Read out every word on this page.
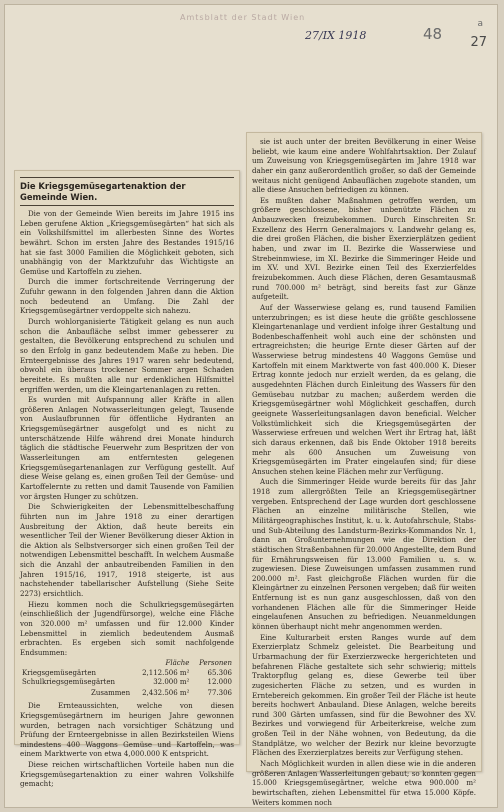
Amtsblatt der Stadt Wien
27/IX 1918	48
a
27
Die Kriegsgemüsegartenaktion der Gemeinde Wien.

Die von der Gemeinde Wien bereits im Jahre 1915 ins Leben gerufene Aktion „Kriegsgemüsegärten“ hat sich als ein Volkshilfsmittel im allerbesten Sinne des Wortes bewährt. Schon im ersten Jahre des Bestandes 1915/16 hat sie fast 3000 Familien die Möglichkeit geboten, sich unabhängig von der Marktzufuhr das Wichtigste an Gemüse und Kartoffeln zu ziehen.

Durch die immer fortschreitende Verringerung der Zufuhr gewann in den folgenden Jahren dann die Aktion noch bedeutend an Umfang. Die Zahl der Kriegsgemüsegärtner verdoppelte sich nahezu.

Durch wohlorganisierte Tätigkeit gelang es nun auch schon die Anbaufläche selbst immer gebesserer zu gestalten, die Bevölkerung entsprechend zu schulen und so den Erfolg in ganz bedeutendem Maße zu heben. Die Ernteergebnisse des Jahres 1917 waren sehr bedeutend, obwohl ein überaus trockener Sommer argen Schaden bereitete. Es mußten alle nur erdenklichen Hilfsmittel ergriffen werden, um die Kleingartenanlagen zu retten.

Es wurden mit Aufspannung aller Kräfte in allen größeren Anlagen Notwasserleitungen gelegt, Tausende von Auslaufbrunnen für öffentliche Hydranten an Kriegsgemüsegärtner ausgefolgt und es nicht zu unterschätzende Hilfe während drei Monate hindurch täglich die städtische Feuerwehr zum Bespritzen der von Wasserleitungen am entferntesten gelegenen Kriegsgemüsegartenanlagen zur Verfügung gestellt. Auf diese Weise gelang es, einen großen Teil der Gemüse- und Kartoffelernte zu retten und damit Tausende von Familien vor ärgsten Hunger zu schützen.

Die Schwierigkeiten der Lebensmittelbeschaffung führten nun im Jahre 1918 zu einer derartigen Ausbreitung der Aktion, daß heute bereits ein wesentlicher Teil der Wiener Bevölkerung dieser Aktion in die Aktion als Selbstversorger sich einen großen Teil der notwendigen Lebensmittel beschafft. In welchem Ausmaße sich die Anzahl der anbautreibenden Familien in den Jahren 1915/16, 1917, 1918 steigerte, ist aus nachstehender tabellarischer Aufstellung (Siehe Seite 2273) ersichtlich.

Hiezu kommen noch die Schulkriegsgemüsegärten (einschließlich der Jugendfürsorge), welche eine Fläche von 320.000 m² umfassen und für 12.000 Kinder Lebensmittel in ziemlich bedeutendem Ausmaß erbrachten. Es ergeben sich somit nachfolgende Endsummen:

	Fläche	Personen
Kriegsgemüsegärten	2,112.506 m²	65.306
Schulkriegsgemüsegärten	32.000 m²	12.000
Zusammen	2,432.506 m²	77.306

Die Ernteaussichten, welche von diesen Kriegsgemüsegärtnern im heurigen Jahre gewonnen wurden, betragen nach vorsichtiger Schätzung und Prüfung der Ernteergebnisse in allen Bezirksteilen Wiens mindestens 400 Waggons Gemüse und Kartoffeln, was einem Marktwerte von etwa 4,000.000 K entspricht.

Diese reichen wirtschaftlichen Vorteile haben nun die Kriegsgemüsegartenaktion zu einer wahren Volkshilfe gemacht;

sie ist auch unter der breiten Bevölkerung in einer Weise beliebt, wie kaum eine andere Wohlfahrtsaktion. Der Zulauf um Zuweisung von Kriegsgemüsegärten im Jahre 1918 war daher ein ganz außerordentlich großer, so daß der Gemeinde weitaus nicht genügend Anbauflächen zugebote standen, um alle diese Ansuchen befriedigen zu können.

Es mußten daher Maßnahmen getroffen werden, um größere geschlossene, bisher unbenützte Flächen zu Anbauzwecken freizubekommen. Durch Einschreiten Sr. Exzellenz des Herrn Generalmajors v. Landwehr gelang es, die drei großen Flächen, die bisher Exerzierplätzen gedient haben, und zwar im II. Bezirke die Wasserwiese und Strebeinmwiese, im XI. Bezirke die Simmeringer Heide und im XV. und XVI. Bezirke einen Teil des Exerzierfeldes freizubekommen. Auch diese Flächen, deren Gesamtausmaß rund 700.000 m² beträgt, sind bereits fast zur Gänze aufgeteilt.

Auf der Wasserwiese gelang es, rund tausend Familien unterzubringen; es ist diese heute die größte geschlossene Kleingartenanlage und verdient infolge ihrer Gestaltung und Bodenbeschaffenheit wohl auch eine der schönsten und ertragreichsten; die heurige Ernte dieser Gärten auf der Wasserwiese betrug mindestens 40 Waggons Gemüse und Kartoffeln mit einem Marktwerte von fast 400.000 K. Dieser Ertrag konnte jedoch nur erzielt werden, da es gelang, die ausgedehnten Flächen durch Einleitung des Wassers für den Gemüsebau nutzbar zu machen; außerdem werden die Kriegsgemüsegärtner wohl Möglichkeit geschaffen, durch geeignete Wasserleitungsanlagen davon beneficial. Welcher Volkstümlichkeit sich die Kriegsgemüsegärten der Wasserwiese erfreuen und welchen Wert ihr Ertrag hat, läßt sich daraus erkennen, daß bis Ende Oktober 1918 bereits mehr als 600 Ansuchen um Zuweisung von Kriegsgemüsegärten im Prater eingelaufen sind; für diese Ansuchen stehen keine Flächen mehr zur Verfügung.

Auch die Simmeringer Heide wurde bereits für das Jahr 1918 zum allergrößten Teile an Kriegsgemüsegärtner vergeben. Entsprechend der Lage wurden dort geschlossene Flächen an einzelne militärische Stellen, wie Militärgeographisches Institut, k. u. k. Autofahrschule, Stabs- und Sub-Abteilung des Landsturm-Bezirks-Kommandos Nr. 1, dann an Großunternehmungen wie die Direktion der städtischen Straßenbahnen für 20.000 Angestellte, dem Bund für Ernährungsweisen für 13.000 Familien u. s. w. zugewiesen. Diese Zuweisungen umfassen zusammen rund 200.000 m². Fast gleichgroße Flächen wurden für die Kleingärtner zu einzelnen Personen vergeben; daß für weiten Entfernung ist es nun ganz ausgeschlossen, daß von den vorhandenen Flächen alle für die Simmeringer Heide eingelaufenen Ansuchen zu befriedigen. Neuanmeldungen können überhaupt nicht mehr angenommen werden.

Eine Kulturarbeit ersten Ranges wurde auf dem Exerzierplatz Schmelz geleistet. Die Bearbeitung und Urbarmachung der für Exerzierzwecke hergerichteten und befahrenen Fläche gestaltete sich sehr schwierig; mittels Traktorpflug gelang es, diese Gewerbe teil über zugesicherten Fläche zu setzen, und es wurden in Erntebereich gekommen. Ein großer Teil der Fläche ist heute bereits hochwert Anbauland. Diese Anlagen, welche bereits rund 300 Gärten umfassen, sind für die Bewohner des XV. Bezirkes und vorwiegend für Arbeiterkreise, welche zum großen Teil in der Nähe wohnen, von Bedeutung, da die Standplätze, wo welcher der Bezirk nur kleine bevorzugte Flächen des Exerzierplatzes bereits zur Verfügung stehen.

Nach Möglichkeit wurden in allen diese wie in die anderen größeren Anlagen Wasserleitungen gebaut; so konnten gegen 15.000 Kriegsgemüsegärtner, welche etwa 900.000 m² bewirtschaften, ziehen Lebensmittel für etwa 15.000 Köpfe. Weiters kommen noch
